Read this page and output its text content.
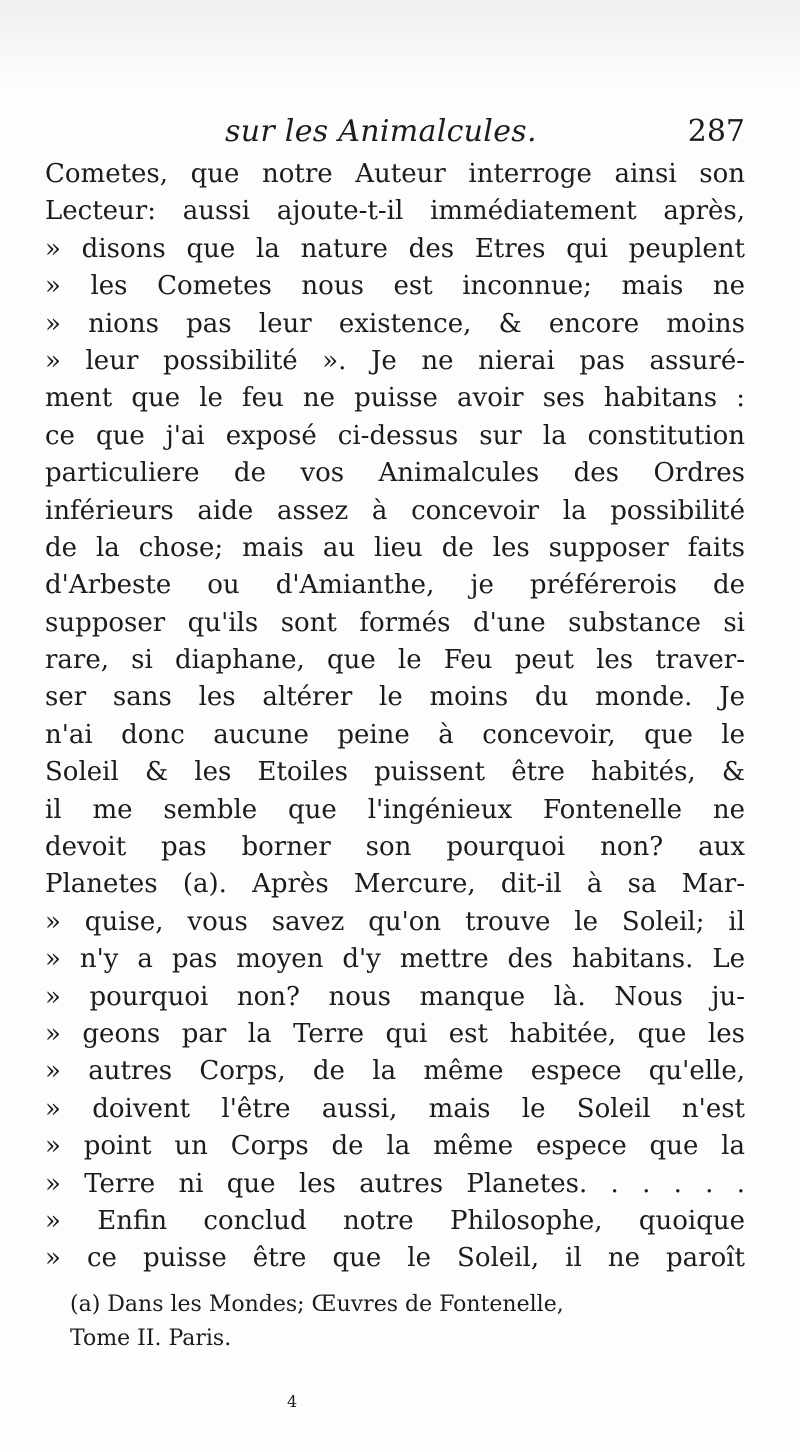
sur les Animalcules.	287
Cometes, que notre Auteur interroge ainsi son
Lecteur: aussi ajoute-t-il immédiatement après,
» disons que la nature des Etres qui peuplent
» les Cometes nous est inconnue; mais ne
» nions pas leur existence, & encore moins
» leur possibilité ». Je ne nierai pas assuré-
ment que le feu ne puisse avoir ses habitans :
ce que j'ai exposé ci-dessus sur la constitution
particuliere de vos Animalcules des Ordres
inférieurs aide assez à concevoir la possibilité
de la chose; mais au lieu de les supposer faits
d'Arbeste ou d'Amianthe, je préférerois de
supposer qu'ils sont formés d'une substance si
rare, si diaphane, que le Feu peut les traver-
ser sans les altérer le moins du monde. Je
n'ai donc aucune peine à concevoir, que le
Soleil & les Etoiles puissent être habités, &
il me semble que l'ingénieux Fontenelle ne
devoit pas borner son pourquoi non? aux
Planetes (a). Après Mercure, dit-il à sa Mar-
» quise, vous savez qu'on trouve le Soleil; il
» n'y a pas moyen d'y mettre des habitans. Le
» pourquoi non? nous manque là. Nous ju-
» geons par la Terre qui est habitée, que les
» autres Corps, de la même espece qu'elle,
» doivent l'être aussi, mais le Soleil n'est
» point un Corps de la même espece que la
» Terre ni que les autres Planetes. . . . . .
» Enfin conclud notre Philosophe, quoique
» ce puisse être que le Soleil, il ne paroît
(a) Dans les Mondes; Œuvres de Fontenelle,
Tome II. Paris.
4
